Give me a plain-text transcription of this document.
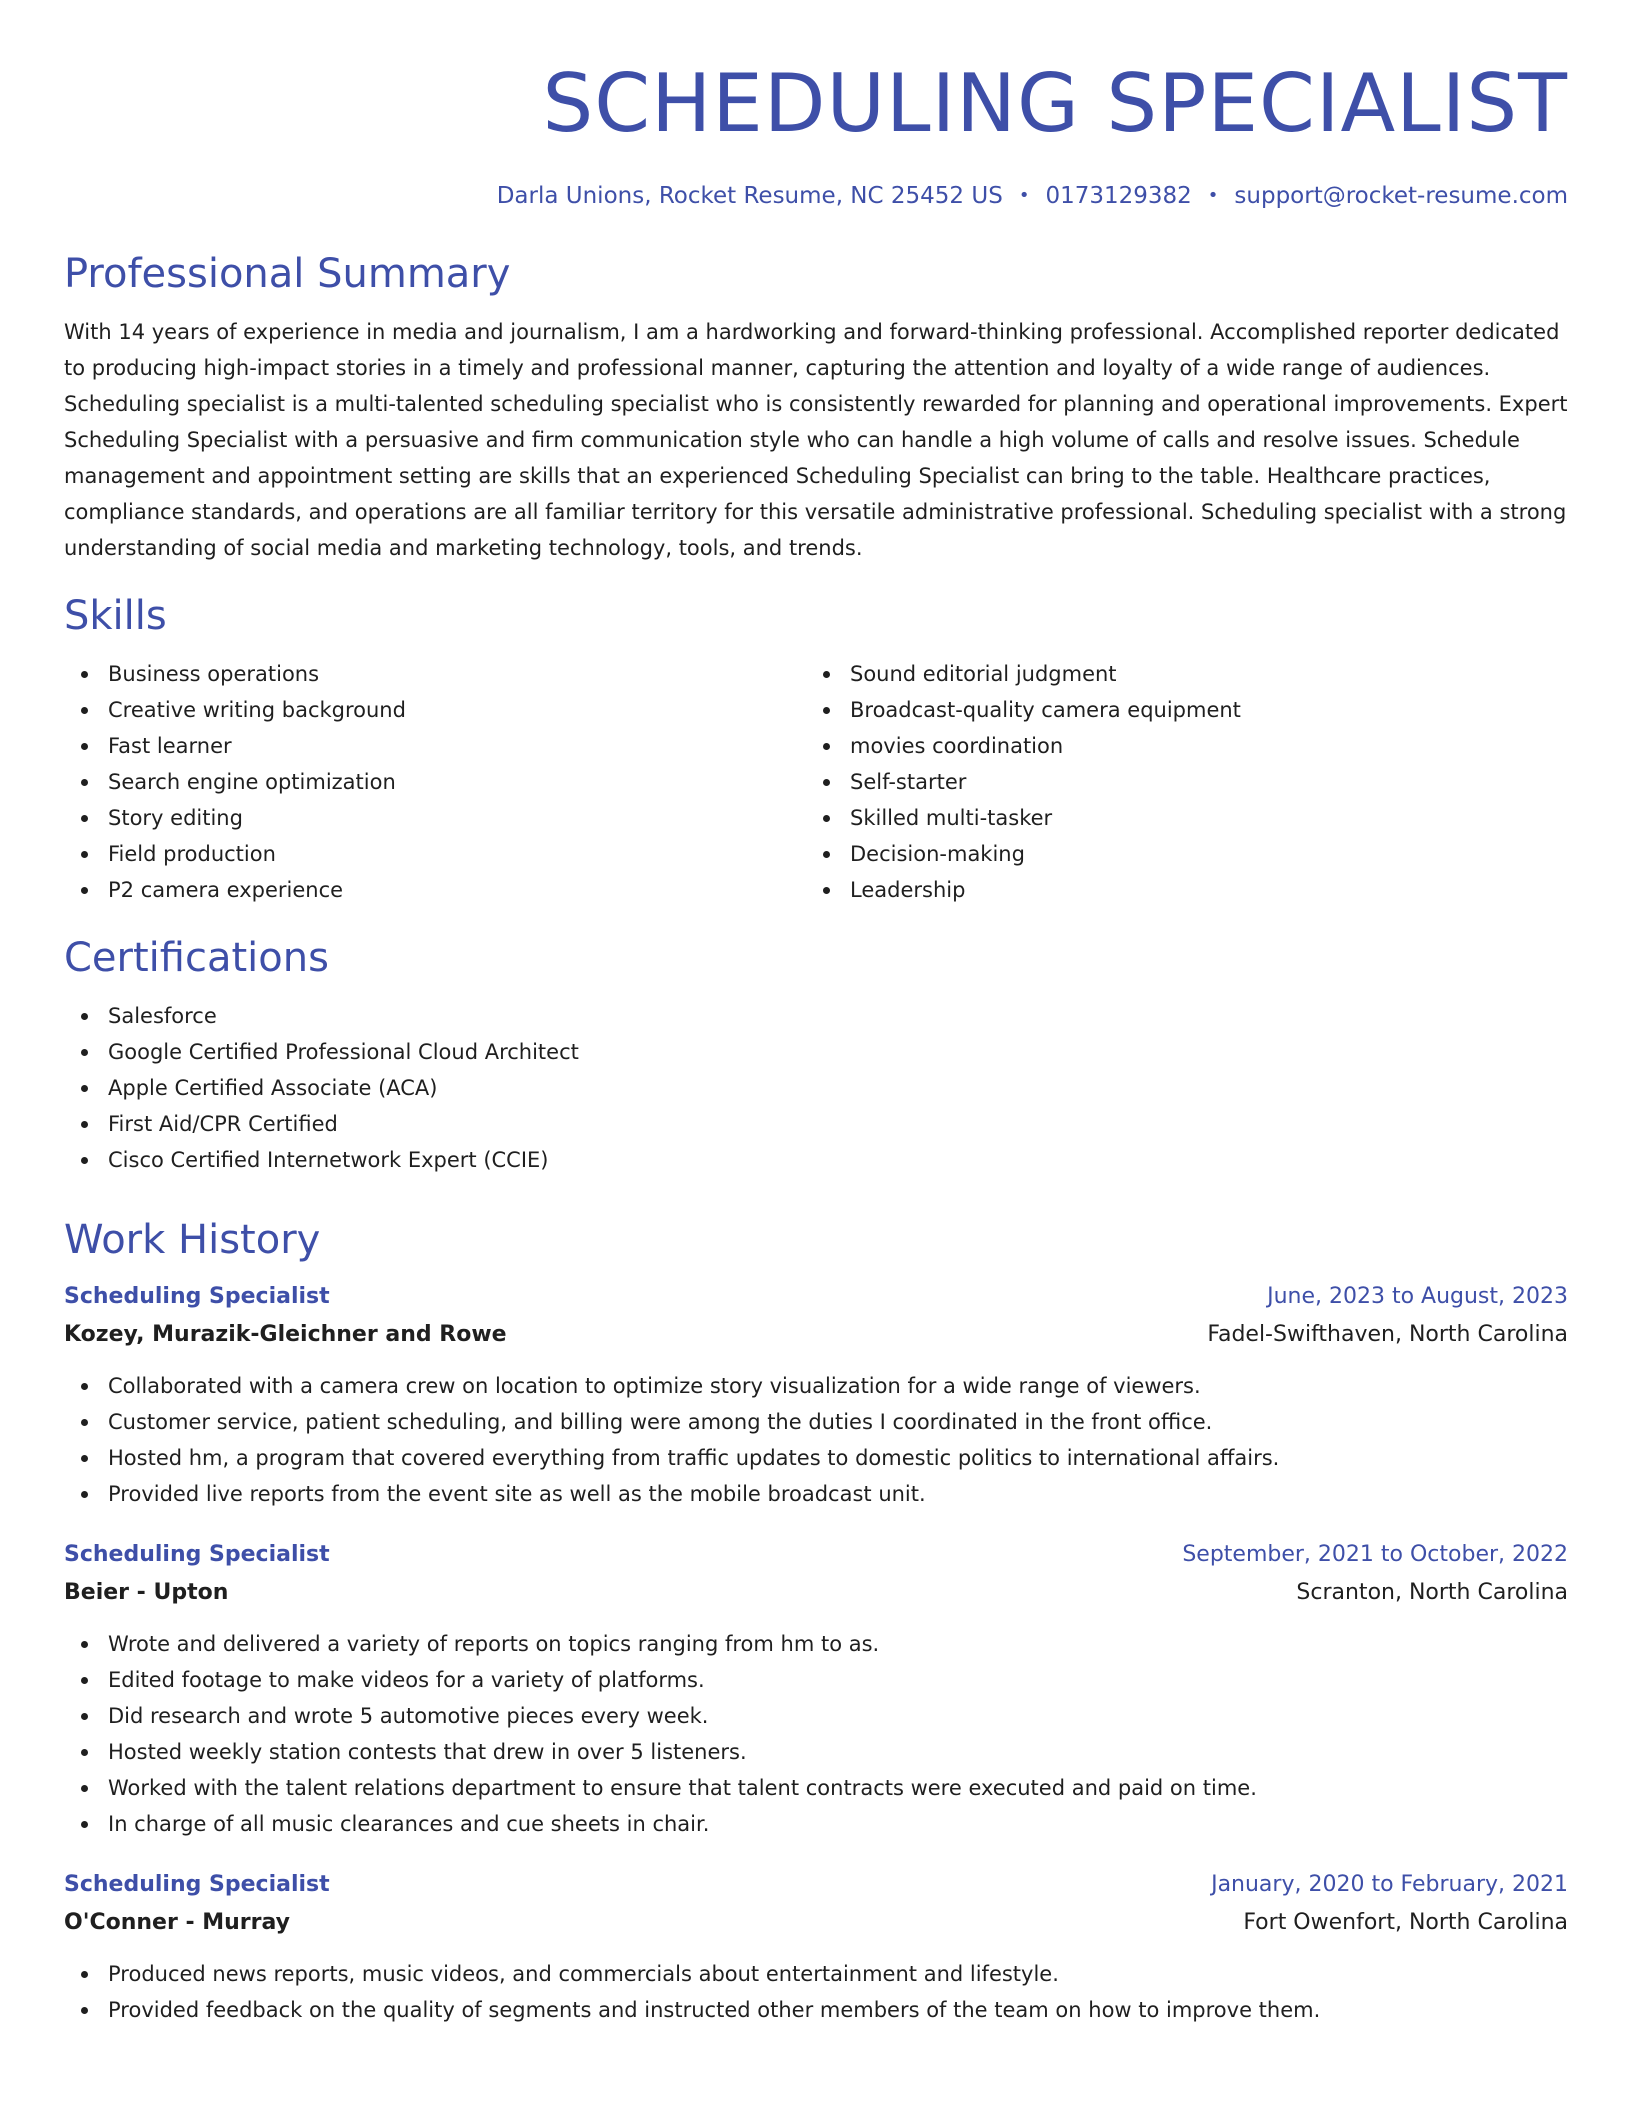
SCHEDULING SPECIALIST
Darla Unions, Rocket Resume, NC 25452 US • 0173129382 • support@rocket-resume.com
Professional Summary

With 14 years of experience in media and journalism, I am a hardworking and forward-thinking professional. Accomplished reporter dedicated to producing high-impact stories in a timely and professional manner, capturing the attention and loyalty of a wide range of audiences. Scheduling specialist is a multi-talented scheduling specialist who is consistently rewarded for planning and operational improvements. Expert Scheduling Specialist with a persuasive and firm communication style who can handle a high volume of calls and resolve issues. Schedule management and appointment setting are skills that an experienced Scheduling Specialist can bring to the table. Healthcare practices, compliance standards, and operations are all familiar territory for this versatile administrative professional. Scheduling specialist with a strong understanding of social media and marketing technology, tools, and trends.

Skills
Business operations
Creative writing background
Fast learner
Search engine optimization
Story editing
Field production
P2 camera experience
Sound editorial judgment
Broadcast-quality camera equipment
movies coordination
Self-starter
Skilled multi-tasker
Decision-making
Leadership
Certifications
Salesforce
Google Certified Professional Cloud Architect
Apple Certified Associate (ACA)
First Aid/CPR Certified
Cisco Certified Internetwork Expert (CCIE)
Work History
Scheduling Specialist	June, 2023 to August, 2023
Kozey, Murazik-Gleichner and Rowe	Fadel-Swifthaven, North Carolina
Collaborated with a camera crew on location to optimize story visualization for a wide range of viewers.
Customer service, patient scheduling, and billing were among the duties I coordinated in the front office.
Hosted hm, a program that covered everything from traffic updates to domestic politics to international affairs.
Provided live reports from the event site as well as the mobile broadcast unit.
Scheduling Specialist	September, 2021 to October, 2022
Beier - Upton	Scranton, North Carolina
Wrote and delivered a variety of reports on topics ranging from hm to as.
Edited footage to make videos for a variety of platforms.
Did research and wrote 5 automotive pieces every week.
Hosted weekly station contests that drew in over 5 listeners.
Worked with the talent relations department to ensure that talent contracts were executed and paid on time.
In charge of all music clearances and cue sheets in chair.
Scheduling Specialist	January, 2020 to February, 2021
O'Conner - Murray	Fort Owenfort, North Carolina
Produced news reports, music videos, and commercials about entertainment and lifestyle.
Provided feedback on the quality of segments and instructed other members of the team on how to improve them.
